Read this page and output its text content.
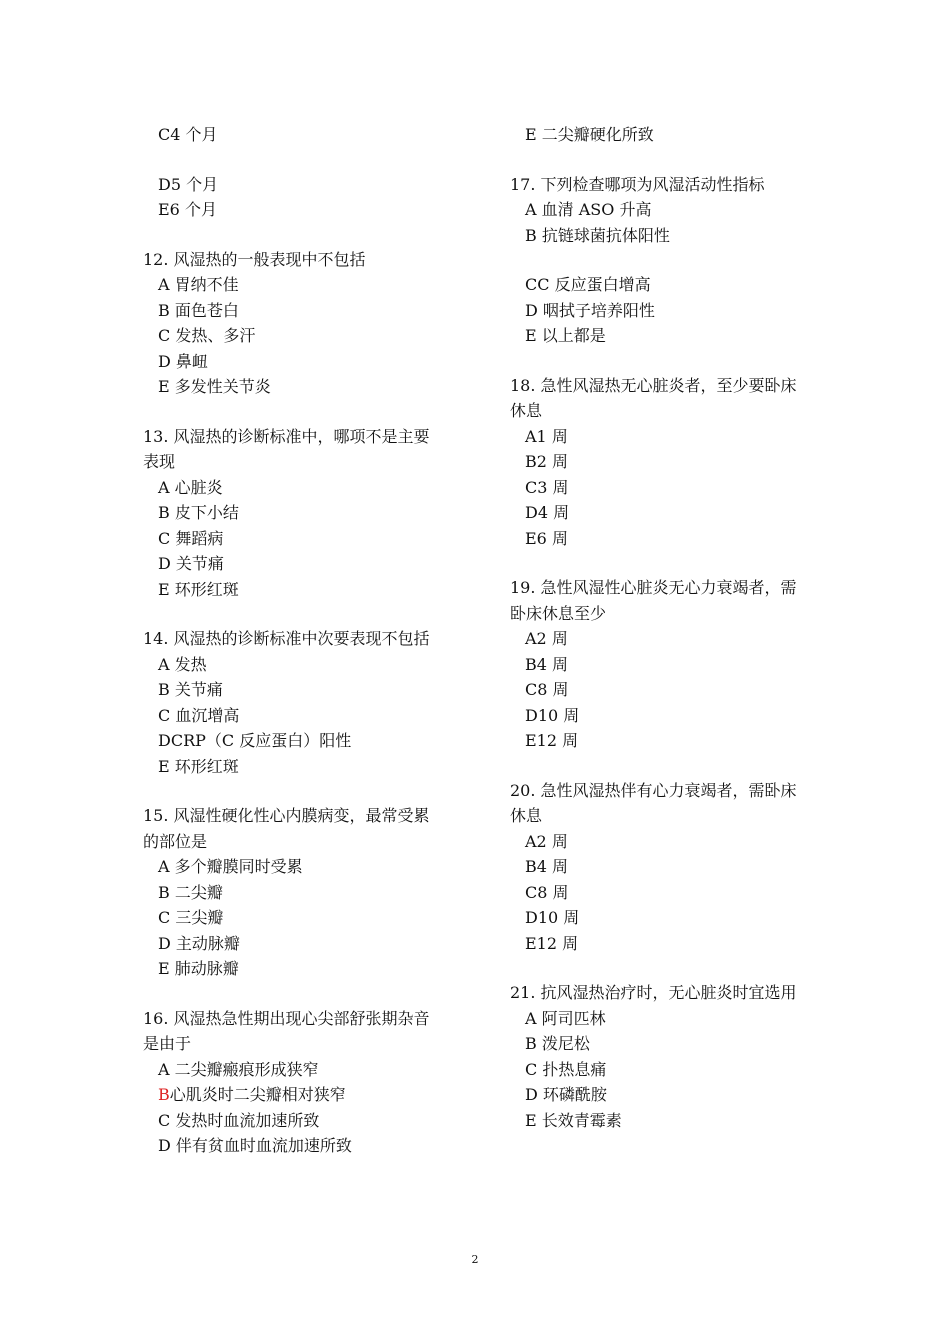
C4 个月
D5 个月
E6 个月
12. 风湿热的一般表现中不包括
A 胃纳不佳
B 面色苍白
C 发热、多汗
D 鼻衄
E 多发性关节炎
13. 风湿热的诊断标准中，哪项不是主要表现
A 心脏炎
B 皮下小结
C 舞蹈病
D 关节痛
E 环形红斑
14. 风湿热的诊断标准中次要表现不包括
A 发热
B 关节痛
C 血沉增高
DCRP（C 反应蛋白）阳性
E 环形红斑
15. 风湿性硬化性心内膜病变，最常受累的部位是
A 多个瓣膜同时受累
B 二尖瓣
C 三尖瓣
D 主动脉瓣
E 肺动脉瓣
16. 风湿热急性期出现心尖部舒张期杂音是由于
A 二尖瓣瘢痕形成狭窄
B心肌炎时二尖瓣相对狭窄
C 发热时血流加速所致
D 伴有贫血时血流加速所致
E 二尖瓣硬化所致
17. 下列检查哪项为风湿活动性指标
A 血清 ASO 升高
B 抗链球菌抗体阳性
CC 反应蛋白增高
D 咽拭子培养阳性
E 以上都是
18. 急性风湿热无心脏炎者，至少要卧床休息
A1 周
B2 周
C3 周
D4 周
E6 周
19. 急性风湿性心脏炎无心力衰竭者，需卧床休息至少
A2 周
B4 周
C8 周
D10 周
E12 周
20. 急性风湿热伴有心力衰竭者，需卧床休息
A2 周
B4 周
C8 周
D10 周
E12 周
21. 抗风湿热治疗时，无心脏炎时宜选用
A 阿司匹林
B 泼尼松
C 扑热息痛
D 环磷酰胺
E 长效青霉素
2
